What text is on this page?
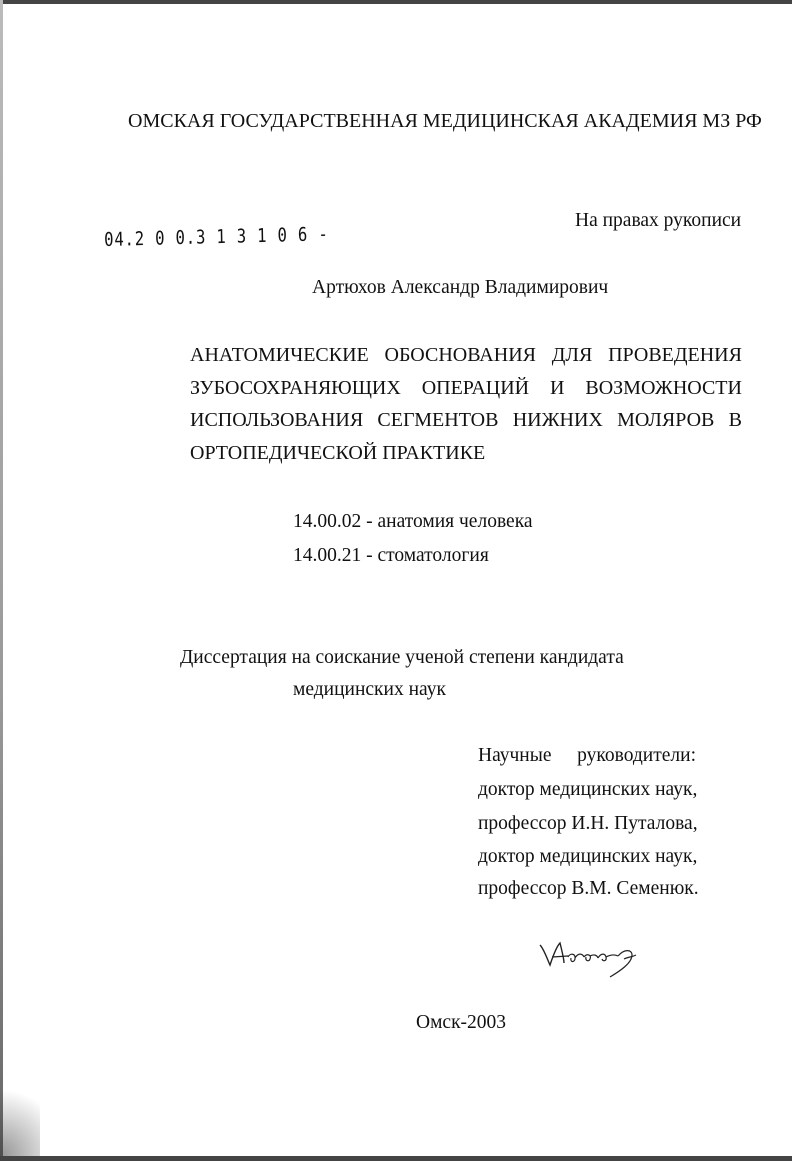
ОМСКАЯ ГОСУДАРСТВЕННАЯ МЕДИЦИНСКАЯ АКАДЕМИЯ МЗ РФ
На правах рукописи
04.2 0 0.3 1 3 1 0 6 -
Артюхов Александр Владимирович
АНАТОМИЧЕСКИЕ ОБОСНОВАНИЯ ДЛЯ ПРОВЕДЕНИЯ
ЗУБОСОХРАНЯЮЩИХ ОПЕРАЦИЙ И ВОЗМОЖНОСТИ
ИСПОЛЬЗОВАНИЯ СЕГМЕНТОВ НИЖНИХ МОЛЯРОВ В
ОРТОПЕДИЧЕСКОЙ ПРАКТИКЕ
14.00.02 - анатомия человека
14.00.21 - стоматология
Диссертация на соискание ученой степени кандидата
медицинских наук
Научные руководители:
доктор медицинских наук,
профессор И.Н. Путалова,
доктор медицинских наук,
профессор В.М. Семенюк.
Омск-2003
